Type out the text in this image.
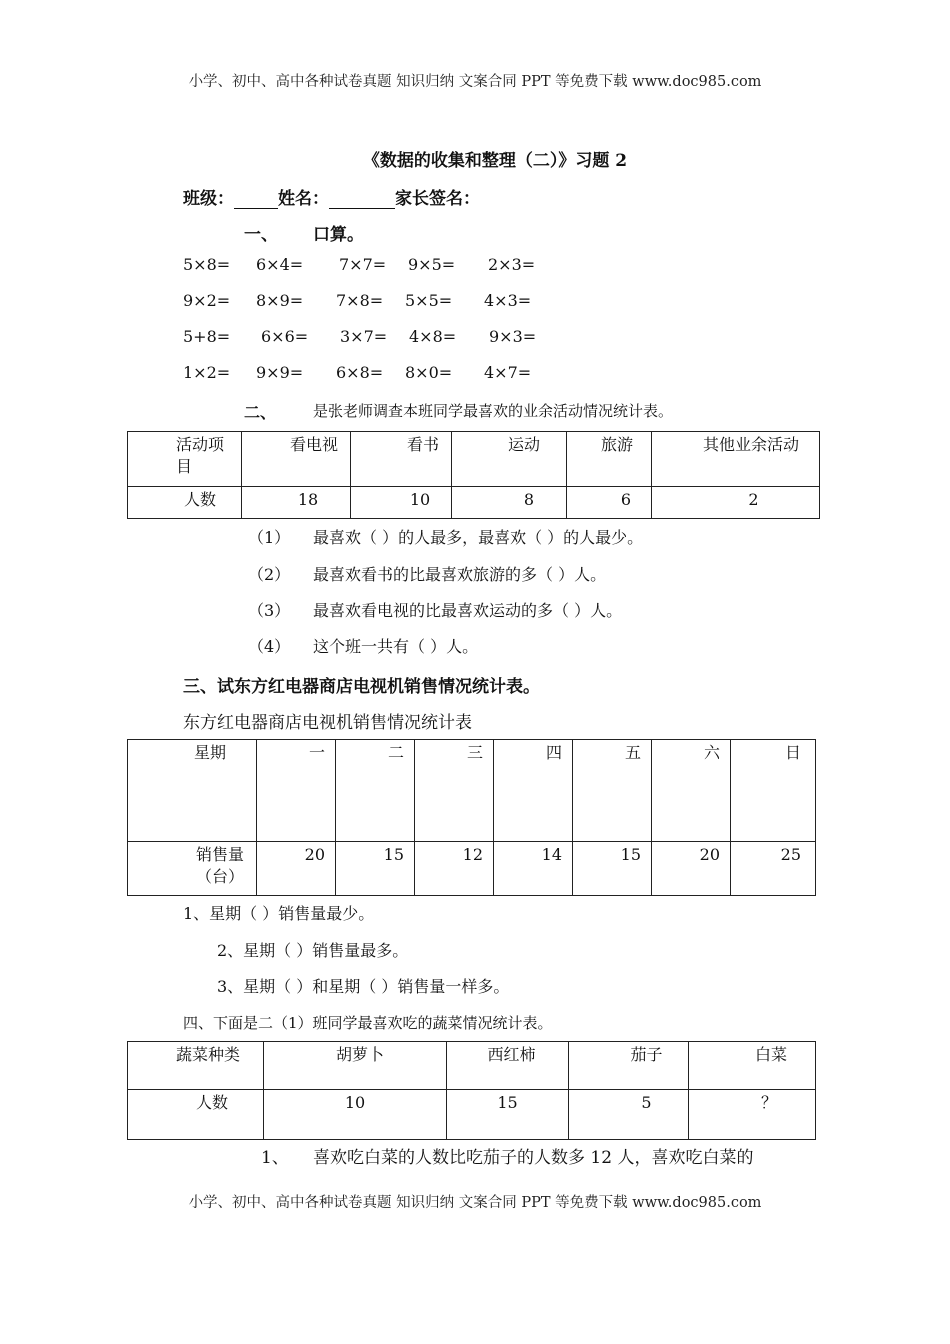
小学、初中、高中各种试卷真题 知识归纳 文案合同 PPT 等免费下载 www.doc985.com
《数据的收集和整理（二）》习题 2
班级：	姓名：	家长签名：
一、 口算。
5×8= 6×4= 7×7= 9×5= 2×3=
9×2= 8×9= 7×8= 5×5= 4×3=
5+8= 6×6= 3×7= 4×8= 9×3=
1×2= 9×9= 6×8= 8×0= 4×7=
二、 是张老师调查本班同学最喜欢的业余活动情况统计表。
活动项目	看电视	看书	运动	旅游	其他业余活动

人数	18	10	8	6	2
（1） 最喜欢（ ）的人最多，最喜欢（ ）的人最少。
（2） 最喜欢看书的比最喜欢旅游的多（ ）人。
（3） 最喜欢看电视的比最喜欢运动的多（ ）人。
（4） 这个班一共有（ ）人。
三、试东方红电器商店电视机销售情况统计表。
东方红电器商店电视机销售情况统计表
星期	一	二	三	四	五	六	日

销售量（台）	20	15	12	14	15	20	25
1、星期（ ）销售量最少。
2、星期（ ）销售量最多。
3、星期（ ）和星期（ ）销售量一样多。
四、下面是二（1）班同学最喜欢吃的蔬菜情况统计表。
蔬菜种类	胡萝卜	西红柿	茄子	白菜

人数	10	15	5	？
1、 喜欢吃白菜的人数比吃茄子的人数多 12 人，喜欢吃白菜的
小学、初中、高中各种试卷真题 知识归纳 文案合同 PPT 等免费下载 www.doc985.com
